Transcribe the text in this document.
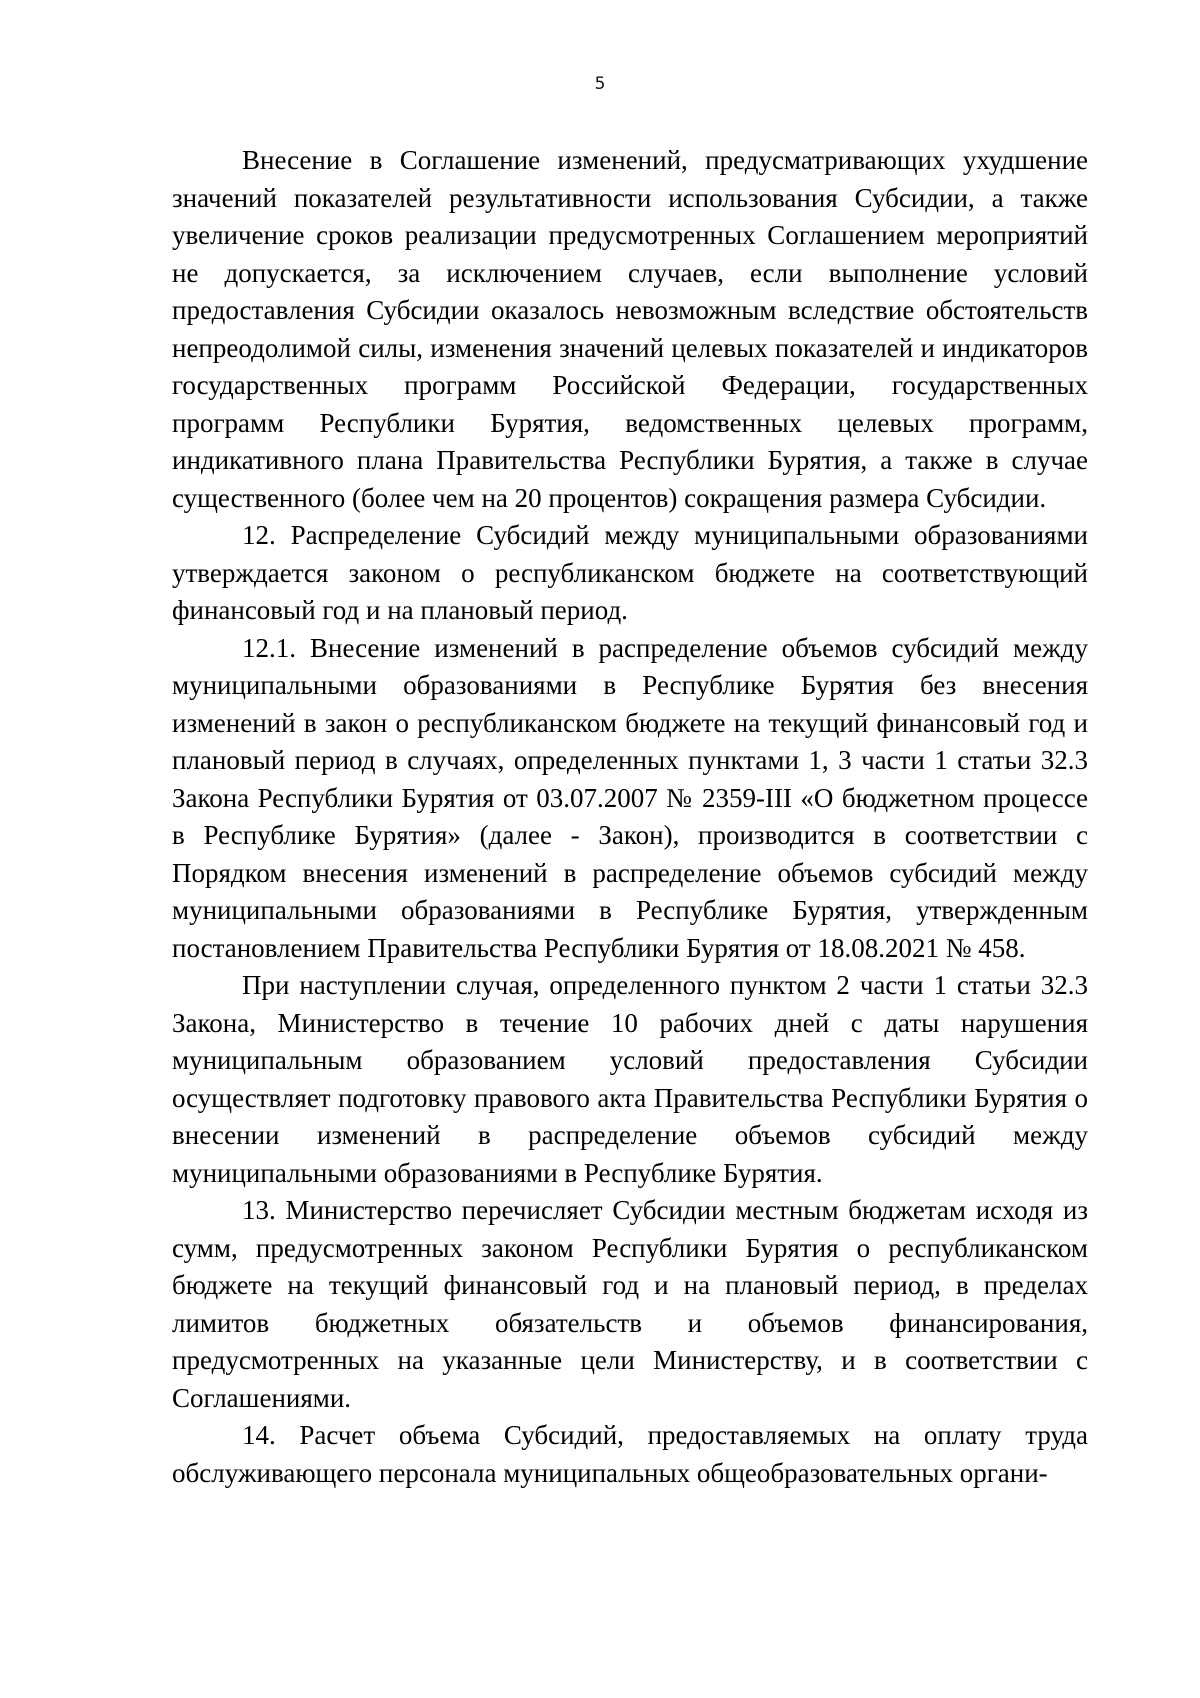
5

Внесение в Соглашение изменений, предусматривающих ухудшение значений показателей результативности использования Субсидии, а также увеличение сроков реализации предусмотренных Соглашением мероприятий не допускается, за исключением случаев, если выполнение условий предоставления Субсидии оказалось невозможным вследствие обстоятельств непреодолимой силы, изменения значений целевых показателей и индикаторов государственных программ Российской Федерации, государственных программ Республики Бурятия, ведомственных целевых программ, индикативного плана Правительства Республики Бурятия, а также в случае существенного (более чем на 20 процентов) сокращения размера Субсидии.

12. Распределение Субсидий между муниципальными образованиями утверждается законом о республиканском бюджете на соответствующий финансовый год и на плановый период.

12.1. Внесение изменений в распределение объемов субсидий между муниципальными образованиями в Республике Бурятия без внесения изменений в закон о республиканском бюджете на текущий финансовый год и плановый период в случаях, определенных пунктами 1, 3 части 1 статьи 32.3 Закона Республики Бурятия от 03.07.2007 № 2359-III «О бюджетном процессе в Республике Бурятия» (далее - Закон), производится в соответствии с Порядком внесения изменений в распределение объемов субсидий между муниципальными образованиями в Республике Бурятия, утвержденным постановлением Правительства Республики Бурятия от 18.08.2021 № 458.

При наступлении случая, определенного пунктом 2 части 1 статьи 32.3 Закона, Министерство в течение 10 рабочих дней с даты нарушения муниципальным образованием условий предоставления Субсидии осуществляет подготовку правового акта Правительства Республики Бурятия о внесении изменений в распределение объемов субсидий между муниципальными образованиями в Республике Бурятия.

13. Министерство перечисляет Субсидии местным бюджетам исходя из сумм, предусмотренных законом Республики Бурятия о республиканском бюджете на текущий финансовый год и на плановый период, в пределах лимитов бюджетных обязательств и объемов финансирования, предусмотренных на указанные цели Министерству, и в соответствии с Соглашениями.

14. Расчет объема Субсидий, предоставляемых на оплату труда обслуживающего персонала муниципальных общеобразовательных органи-
